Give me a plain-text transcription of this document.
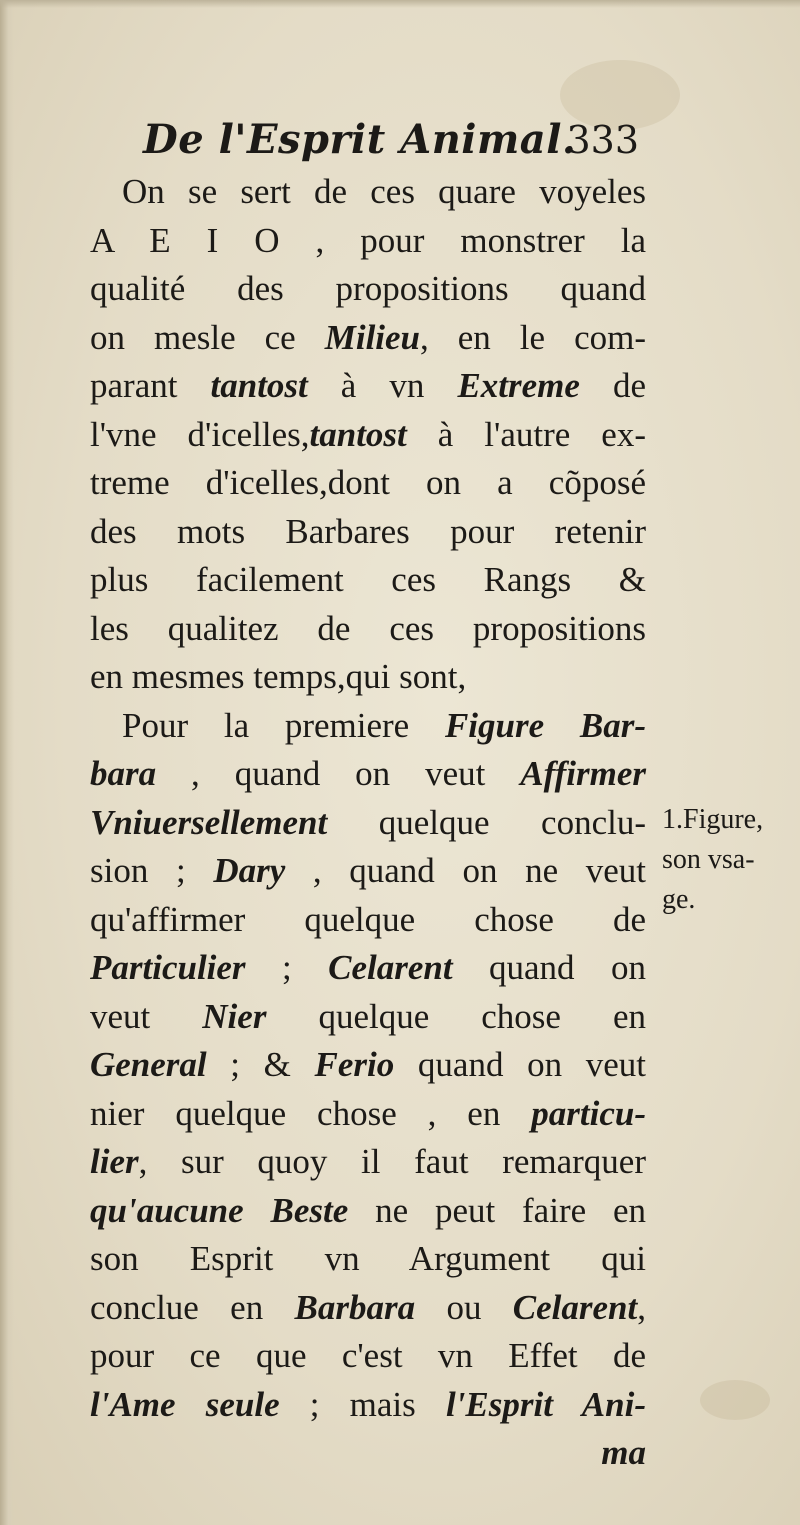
De l'Esprit Animal.
333
On se sert de ces quare voyeles
A E I O , pour monstrer la
qualité des propositions quand
on mesle ce Milieu, en le com-
parant tantost à vn Extreme de
l'vne d'icelles,tantost à l'autre ex-
treme d'icelles,dont on a cõposé
des mots Barbares pour retenir
plus facilement ces Rangs &
les qualitez de ces propositions
en mesmes temps,qui sont,
Pour la premiere Figure Bar-
bara , quand on veut Affirmer
Vniuersellement quelque conclu-
sion ; Dary , quand on ne veut
qu'affirmer quelque chose de
Particulier ; Celarent quand on
veut Nier quelque chose en
General ; & Ferio quand on veut
nier quelque chose , en particu-
lier, sur quoy il faut remarquer
qu'aucune Beste ne peut faire en
son Esprit vn Argument qui
conclue en Barbara ou Celarent,
pour ce que c'est vn Effet de
l'Ame seule ; mais l'Esprit Ani-
ma
1.Figure,
son vsa-
ge.
